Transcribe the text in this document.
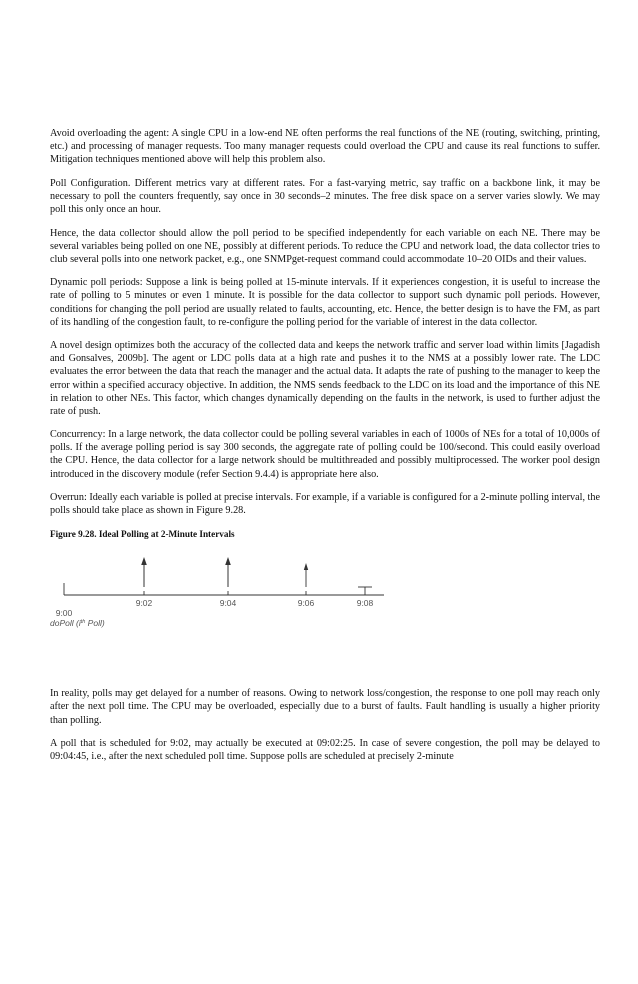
Avoid overloading the agent: A single CPU in a low-end NE often performs the real functions of the NE (routing, switching, printing, etc.) and processing of manager requests. Too many manager requests could overload the CPU and cause its real functions to suffer. Mitigation techniques mentioned above will help this problem also.

Poll Configuration. Different metrics vary at different rates. For a fast-varying metric, say traffic on a backbone link, it may be necessary to poll the counters frequently, say once in 30 seconds–2 minutes. The free disk space on a server varies slowly. We may poll this only once an hour.

Hence, the data collector should allow the poll period to be specified independently for each variable on each NE. There may be several variables being polled on one NE, possibly at different periods. To reduce the CPU and network load, the data collector tries to club several polls into one network packet, e.g., one SNMPget-request command could accommodate 10–20 OIDs and their values.

Dynamic poll periods: Suppose a link is being polled at 15-minute intervals. If it experiences congestion, it is useful to increase the rate of polling to 5 minutes or even 1 minute. It is possible for the data collector to support such dynamic poll periods. However, conditions for changing the poll period are usually related to faults, accounting, etc. Hence, the better design is to have the FM, as part of its handling of the congestion fault, to re-configure the polling period for the variable of interest in the data collector.

A novel design optimizes both the accuracy of the collected data and keeps the network traffic and server load within limits [Jagadish and Gonsalves, 2009b]. The agent or LDC polls data at a high rate and pushes it to the NMS at a possibly lower rate. The LDC evaluates the error between the data that reach the manager and the actual data. It adapts the rate of pushing to the manager to keep the error within a specified accuracy objective. In addition, the NMS sends feedback to the LDC on its load and the importance of this NE in relation to other NEs. This factor, which changes dynamically depending on the faults in the network, is used to further adjust the rate of push.

Concurrency: In a large network, the data collector could be polling several variables in each of 1000s of NEs for a total of 10,000s of polls. If the average polling period is say 300 seconds, the aggregate rate of polling could be 100/second. This could easily overload the CPU. Hence, the data collector for a large network should be multithreaded and possibly multiprocessed. The worker pool design introduced in the discovery module (refer Section 9.4.4) is appropriate here also.

Overrun: Ideally each variable is polled at precise intervals. For example, if a variable is configured for a 2-minute polling interval, the polls should take place as shown in Figure 9.28.

Figure 9.28. Ideal Polling at 2-Minute Intervals
9:00
9:02	9:04	9:06	9:08
doPoll ($i^{th}$ Poll)

In reality, polls may get delayed for a number of reasons. Owing to network loss/congestion, the response to one poll may reach only after the next poll time. The CPU may be overloaded, especially due to a burst of faults. Fault handling is usually a higher priority than polling.

A poll that is scheduled for 9:02, may actually be executed at 09:02:25. In case of severe congestion, the poll may be delayed to 09:04:45, i.e., after the next scheduled poll time. Suppose polls are scheduled at precisely 2-minute
